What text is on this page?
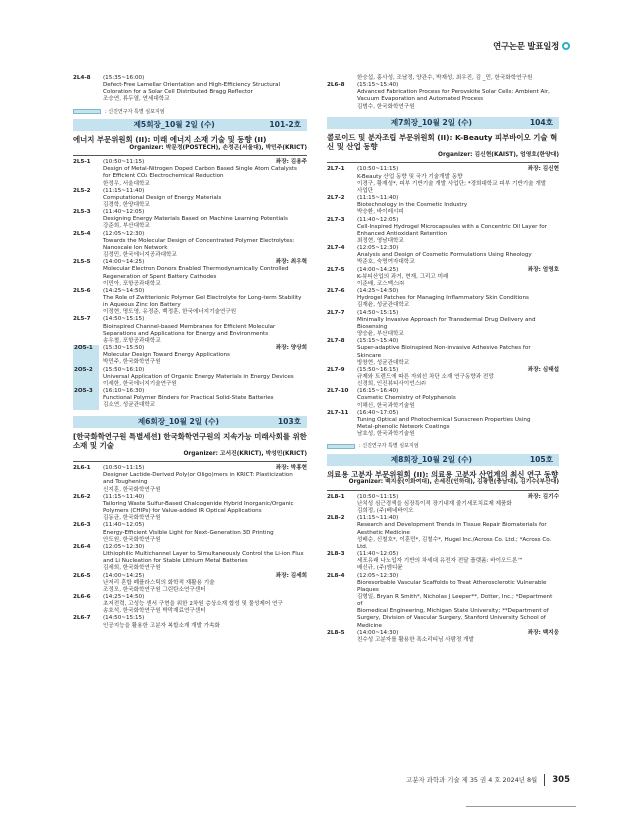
연구논문 발표일정
2L4-8	(15:35~16:00)
Defect-Free Lamellar Orientation and High-Efficiency Structural
Coloration for a Solar Cell Distributed Bragg Reflector
조승연, 류두열, 연세대학교
: 신진연구자 특별 심포지엄
제5회장_10월 2일 (수)	101-2호
에너지 부문위원회 (II): 미래 에너지 소재 기술 및 동향 (II)
Organizer: 박문정(POSTECH), 손정곤(서울대), 박민주(KRICT)
2L5-1	(10:50~11:15)	좌장: 김용주
Design of Metal-Nitrogen Doped Carbon Based Single Atom Catalysts
for Efficient CO₂ Electrochemical Reduction
한정우, 서울대학교
2L5-2	(11:15~11:40)
Computational Design of Energy Materials
김경학, 한양대학교
2L5-3	(11:40~12:05)
Designing Energy Materials Based on Machine Learning Potentials
강준희, 부산대학교
2L5-4	(12:05~12:30)
Towards the Molecular Design of Concentrated Polymer Electrolytes:
Nanoscale Ion Network
김정민, 한국에너지공과대학교
2L5-5	(14:00~14:25)	좌장: 최우혁
Molecular Electron Donors Enabled Thermodynamically Controlled
Regeneration of Spent Battery Cathodes
이민아, 포항공과대학교
2L5-6	(14:25~14:50)
The Role of Zwitterionic Polymer Gel Electrolyte for Long-term Stability
in Aqueous Zinc Ion Battery
이정현, 명도영, 유정준, 백정훈, 한국에너지기술연구원
2L5-7	(14:50~15:15)
Bioinspired Channel-based Membranes for Efficient Molecular
Separations and Applications for Energy and Environments
송우철, 포항공과대학교
2O5-1	(15:30~15:50)	좌장: 양상희
Molecular Design Toward Energy Applications
박민주, 한국화학연구원
2O5-2	(15:50~16:10)
Universal Application of Organic Energy Materials in Energy Devices
이세한, 한국에너지기술연구원
2O5-3	(16:10~16:30)
Functional Polymer Binders for Practical Solid-State Batteries
김소연, 성균관대학교
제6회장_10월 2일 (수)	103호
[한국화학연구원 특별세션] 한국화학연구원의 지속가능 미래사회를 위한 소재 및 기술
Organizer: 고서진(KRICT), 박성민(KRICT)
2L6-1	(10:50~11:15)	좌장: 박홍현
Designer Lactide-Derived Poly(or Oligo)mers in KRICT: Plasticization
and Toughening
신지훈, 한국화학연구원
2L6-2	(11:15~11:40)
Tailoring Waste Sulfur-Based Chalcogenide Hybrid Inorganic/Organic
Polymers (CHIPs) for Value-added IR Optical Applications
김동균, 한국화학연구원
2L6-3	(11:40~12:05)
Energy-Efficient Visible Light for Next-Generation 3D Printing
안도원, 한국화학연구원
2L6-4	(12:05~12:30)
Lithiophilic Multichannel Layer to Simultaneously Control the Li-ion Flux
and Li Nucleation for Stable Lithium Metal Batteries
김세희, 한국화학연구원
2L6-5	(14:00~14:25)	좌장: 김세희
난저리 혼합 폐플라스틱의 화학적 재활용 기술
조정모, 한국화학연구원 그린탄소연구센터
2L6-6	(14:25~14:50)
초저전력, 고성능 센서 구현을 위한 2차원 층상소재 합성 및 물성제어 연구
송호석, 한국화학연구원 박막재료연구센터
2L6-7	(14:50~15:15)
인공지능을 활용한 고분자 복합소재 개발 가속화
한승섭, 홍사성, 조남정, 양관수, 박재성, 최우진, 김 _민, 한국화학연구원
2L6-8	(15:15~15:40)
Advanced Fabrication Process for Perovskite Solar Cells: Ambient Air,
Vacuum Evaporation and Automated Process
김범수, 한국화학연구원
제7회장_10월 2일 (수)	104호
콜로이드 및 분자조립 부문위원회 (II): K-Beauty 피부바이오 기술 혁신 및 산업 동향
Organizer: 김신현(KAIST), 엄영호(한양대)
2L7-1	(10:50~11:15)	좌장: 김신현
K-Beauty 산업 동향 및 국가 기술개발 동향
이경구, 황재성*, 피부 기반기술 개발 사업단; *경희대학교 피부 기반기술 개발
사업단
2L7-2	(11:15~11:40)
Biotechnology in the Cosmetic Industry
박승환, 바이레시피
2L7-3	(11:40~12:05)
Cell-Inspired Hydrogel Microcapsules with a Concentric Oil Layer for
Enhanced Antioxidant Retention
최정현, 영남대학교
2L7-4	(12:05~12:30)
Analysis and Design of Cosmetic Formulations Using Rheology
박준호, 숙명여자대학교
2L7-5	(14:00~14:25)	좌장: 엄영호
K-뷰티산업의 과거, 현재, 그리고 미래
이준배, 코스맥스㈜
2L7-6	(14:25~14:50)
Hydrogel Patches for Managing Inflammatory Skin Conditions
김재윤, 성균관대학교
2L7-7	(14:50~15:15)
Minimally Invasive Approach for Transdermal Drug Delivery and
Biosensing
양승윤, 부산대학교
2L7-8	(15:15~15:40)
Super-adaptive Bioinspired Non-invasive Adhesive Patches for
Skincare
방창현, 성균관대학교
2L7-9	(15:50~16:15)	좌장: 심태섭
규제와 트렌드에 따른 자외선 차단 소재 연구동향과 전망
신경희, 인진뷰티사이언스㈜
2L7-10	(16:15~16:40)
Cosmetic Chemistry of Polyphenols
이해신, 한국과학기술원
2L7-11	(16:40~17:05)
Tuning Optical and Photochemical Sunscreen Properties Using
Metal-phenolic Network Coatings
남호성, 한국과학기술원
: 신진연구자 특별 심포지엄
제8회장_10월 2일 (수)	105호
의료용 고분자 부문위원회 (II): 의료용 고분자 산업계의 최신 연구 동향
Organizer: 백지웅(이화여대), 손세진(인하대), 김광현(충남대), 김기수(부산대)
2L8-1	(10:50~11:15)	좌장: 김기수
난치성 심근경색을 심장특이적 장기내재 줄기세포치료제 제품화
김희정, (주)베네바이오
2L8-2	(11:15~11:40)
Research and Development Trends in Tissue Repair Biomaterials for
Aesthetic Medicine
성배순, 신철호*, 이훈민*, 김철수*, Hugel Inc./Across Co. Ltd.; *Across Co.
Ltd.
2L8-3	(11:40~12:05)
세포유래 나노입자 기반의 차세대 유전자 전달 플랫폼: 바이오드론™
배신규, (주)엠디뮨
2L8-4	(12:05~12:30)
Bioresorbable Vascular Scaffolds to Treat Atherosclerotic Vulnerable
Plaques
김형일, Bryan R Smith*, Nicholas J Leeper**, Dotter, Inc.; *Department of
Biomedical Engineering, Michigan State University; **Department of
Surgery, Division of Vascular Surgery, Stanford University School of Medicine
2L8-5	(14:00~14:30)	좌장: 백지웅
친수성 고분자를 활용한 폭소리티님 사람정 개발
고분자 과학과 기술 제 35 권 4 호 2024년 8월 305
